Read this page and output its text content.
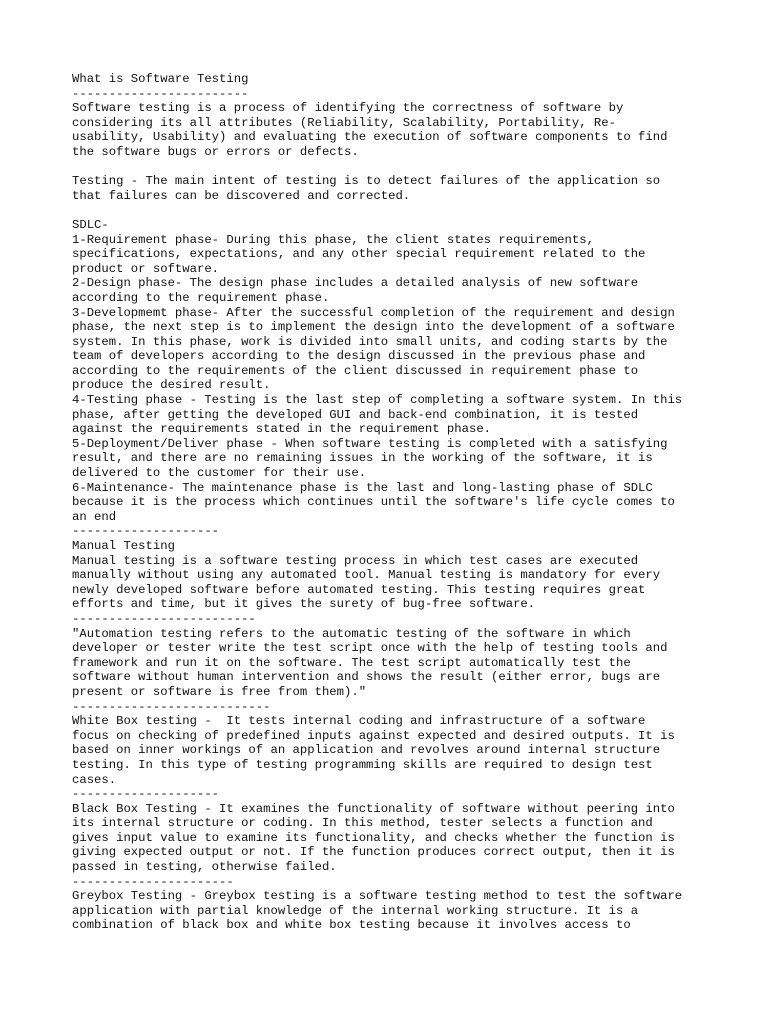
What is Software Testing
------------------------
Software testing is a process of identifying the correctness of software by
considering its all attributes (Reliability, Scalability, Portability, Re-
usability, Usability) and evaluating the execution of software components to find
the software bugs or errors or defects.
Testing - The main intent of testing is to detect failures of the application so
that failures can be discovered and corrected.
SDLC-
1-Requirement phase- During this phase, the client states requirements,
specifications, expectations, and any other special requirement related to the
product or software.
2-Design phase- The design phase includes a detailed analysis of new software
according to the requirement phase.
3-Developmemt phase- After the successful completion of the requirement and design
phase, the next step is to implement the design into the development of a software
system. In this phase, work is divided into small units, and coding starts by the
team of developers according to the design discussed in the previous phase and
according to the requirements of the client discussed in requirement phase to
produce the desired result.
4-Testing phase - Testing is the last step of completing a software system. In this
phase, after getting the developed GUI and back-end combination, it is tested
against the requirements stated in the requirement phase.
5-Deployment/Deliver phase - When software testing is completed with a satisfying
result, and there are no remaining issues in the working of the software, it is
delivered to the customer for their use.
6-Maintenance- The maintenance phase is the last and long-lasting phase of SDLC
because it is the process which continues until the software's life cycle comes to
an end
--------------------
Manual Testing
Manual testing is a software testing process in which test cases are executed
manually without using any automated tool. Manual testing is mandatory for every
newly developed software before automated testing. This testing requires great
efforts and time, but it gives the surety of bug-free software.
-------------------------
"Automation testing refers to the automatic testing of the software in which
developer or tester write the test script once with the help of testing tools and
framework and run it on the software. The test script automatically test the
software without human intervention and shows the result (either error, bugs are
present or software is free from them)."
---------------------------
White Box testing -  It tests internal coding and infrastructure of a software
focus on checking of predefined inputs against expected and desired outputs. It is
based on inner workings of an application and revolves around internal structure
testing. In this type of testing programming skills are required to design test
cases.
--------------------
Black Box Testing - It examines the functionality of software without peering into
its internal structure or coding. In this method, tester selects a function and
gives input value to examine its functionality, and checks whether the function is
giving expected output or not. If the function produces correct output, then it is
passed in testing, otherwise failed.
----------------------
Greybox Testing - Greybox testing is a software testing method to test the software
application with partial knowledge of the internal working structure. It is a
combination of black box and white box testing because it involves access to
